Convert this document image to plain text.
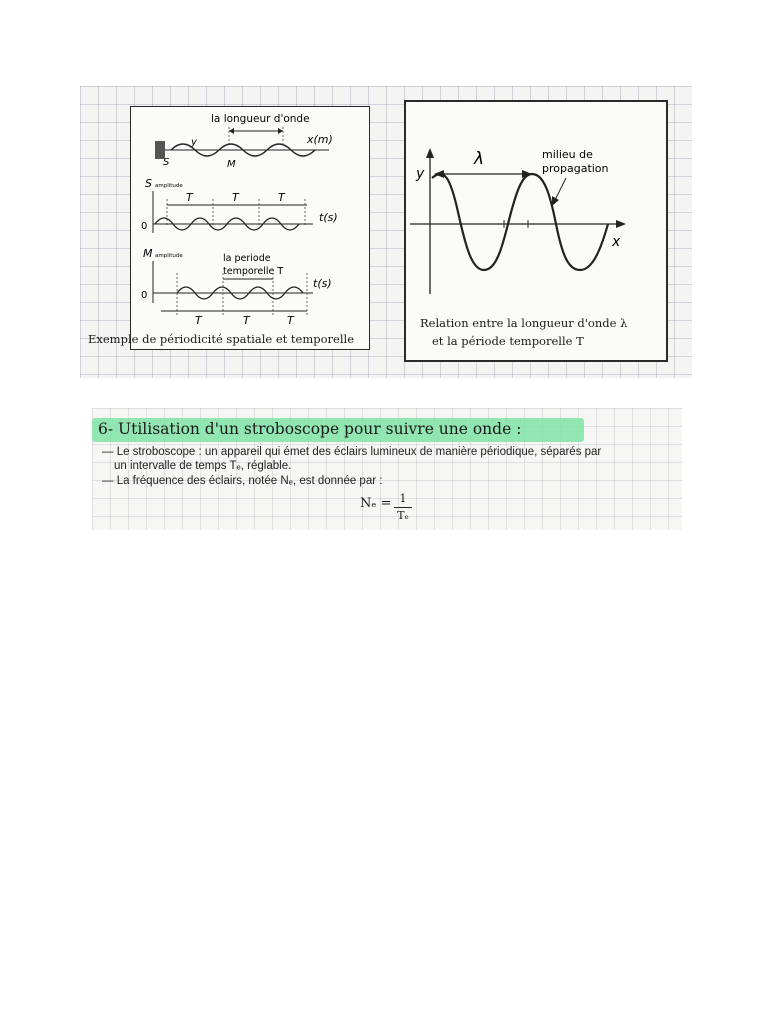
la longueur d'onde
y	x(m)
S	M
S amplitude
0
t(s)
T	T	T
M amplitude	la periode
temporelle T
0
t(s)
T	T	T
Exemple de périodicité spatiale et temporelle
y
x
λ	milieu de
propagation
Relation entre la longueur d'onde λ
et la période temporelle T
6- Utilisation d'un stroboscope pour suivre une onde :
— Le stroboscope : un appareil qui émet des éclairs lumineux de manière périodique, séparés par
un intervalle de temps Tₑ, réglable.
— La fréquence des éclairs, notée Nₑ, est donnée par :
Nₑ = 1
Tₑ
